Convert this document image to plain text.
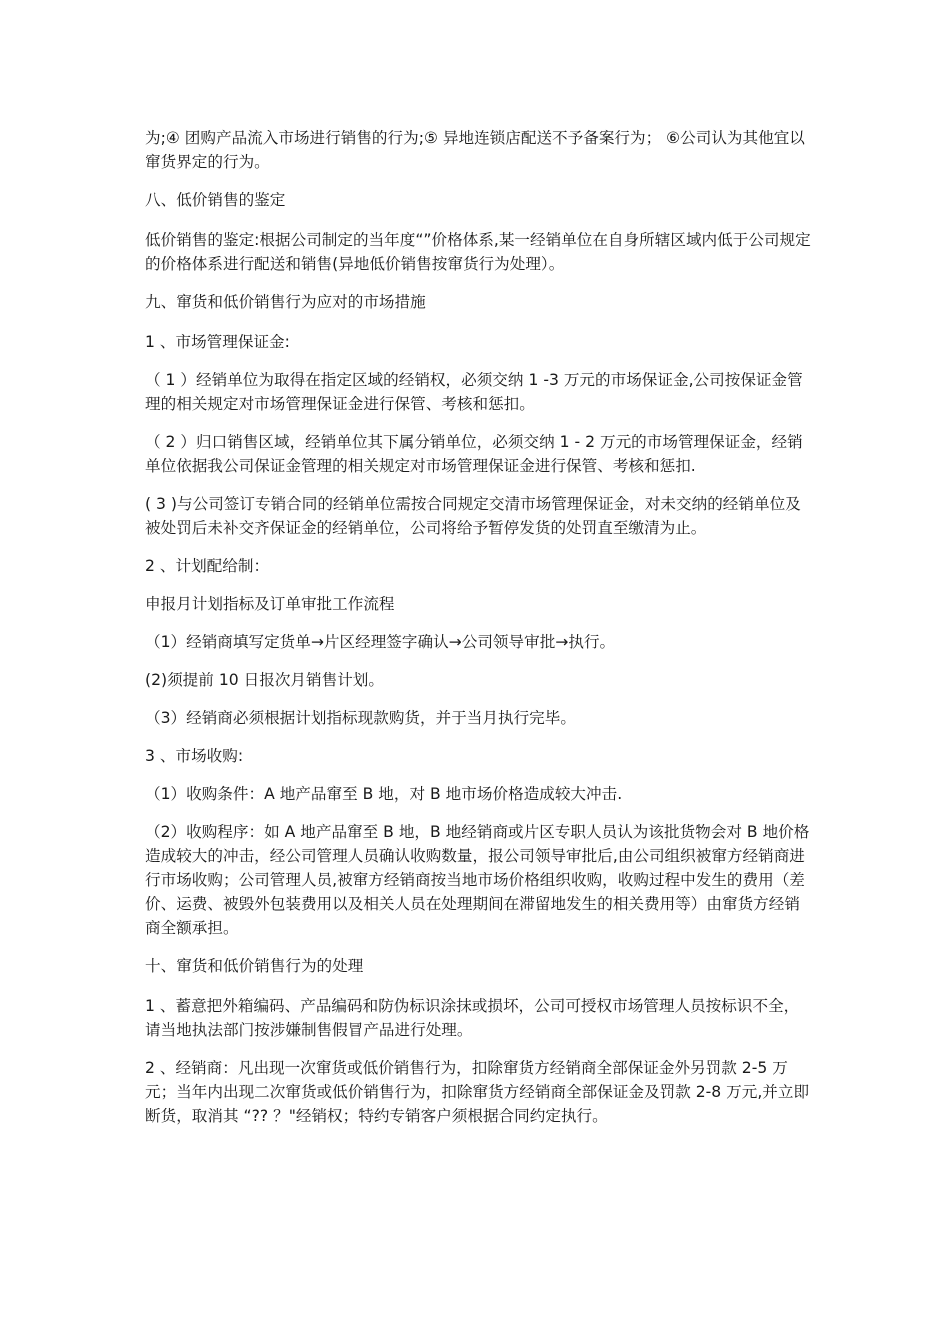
为;④ 团购产品流入市场进行销售的行为;⑤ 异地连锁店配送不予备案行为； ⑥公司认为其他宜以窜货界定的行为。

八、低价销售的鉴定

低价销售的鉴定:根据公司制定的当年度“”价格体系,某一经销单位在自身所辖区域内低于公司规定的价格体系进行配送和销售(异地低价销售按窜货行为处理）。

九、窜货和低价销售行为应对的市场措施

1 、市场管理保证金:

（ 1 ）经销单位为取得在指定区域的经销权，必须交纳 1 -3 万元的市场保证金,公司按保证金管理的相关规定对市场管理保证金进行保管、考核和惩扣。

（ 2 ）归口销售区域，经销单位其下属分销单位，必须交纳 1 - 2 万元的市场管理保证金，经销单位依据我公司保证金管理的相关规定对市场管理保证金进行保管、考核和惩扣.

( 3 )与公司签订专销合同的经销单位需按合同规定交清市场管理保证金，对未交纳的经销单位及被处罚后未补交齐保证金的经销单位，公司将给予暂停发货的处罚直至缴清为止。

2 、计划配给制：

申报月计划指标及订单审批工作流程

（1）经销商填写定货单→片区经理签字确认→公司领导审批→执行。

(2)须提前 10 日报次月销售计划。

（3）经销商必须根据计划指标现款购货，并于当月执行完毕。

3 、市场收购:

（1）收购条件：A 地产品窜至 B 地，对 B 地市场价格造成较大冲击.

（2）收购程序：如 A 地产品窜至 B 地，B 地经销商或片区专职人员认为该批货物会对 B 地价格造成较大的冲击，经公司管理人员确认收购数量，报公司领导审批后,由公司组织被窜方经销商进行市场收购；公司管理人员,被窜方经销商按当地市场价格组织收购，收购过程中发生的费用（差价、运费、被毁外包装费用以及相关人员在处理期间在滞留地发生的相关费用等）由窜货方经销商全额承担。

十、窜货和低价销售行为的处理

1 、蓄意把外箱编码、产品编码和防伪标识涂抹或损坏，公司可授权市场管理人员按标识不全，请当地执法部门按涉嫌制售假冒产品进行处理。

2 、经销商：凡出现一次窜货或低价销售行为，扣除窜货方经销商全部保证金外另罚款 2-5 万元；当年内出现二次窜货或低价销售行为，扣除窜货方经销商全部保证金及罚款 2-8 万元,并立即断货，取消其 “?? ？"经销权；特约专销客户须根据合同约定执行。
